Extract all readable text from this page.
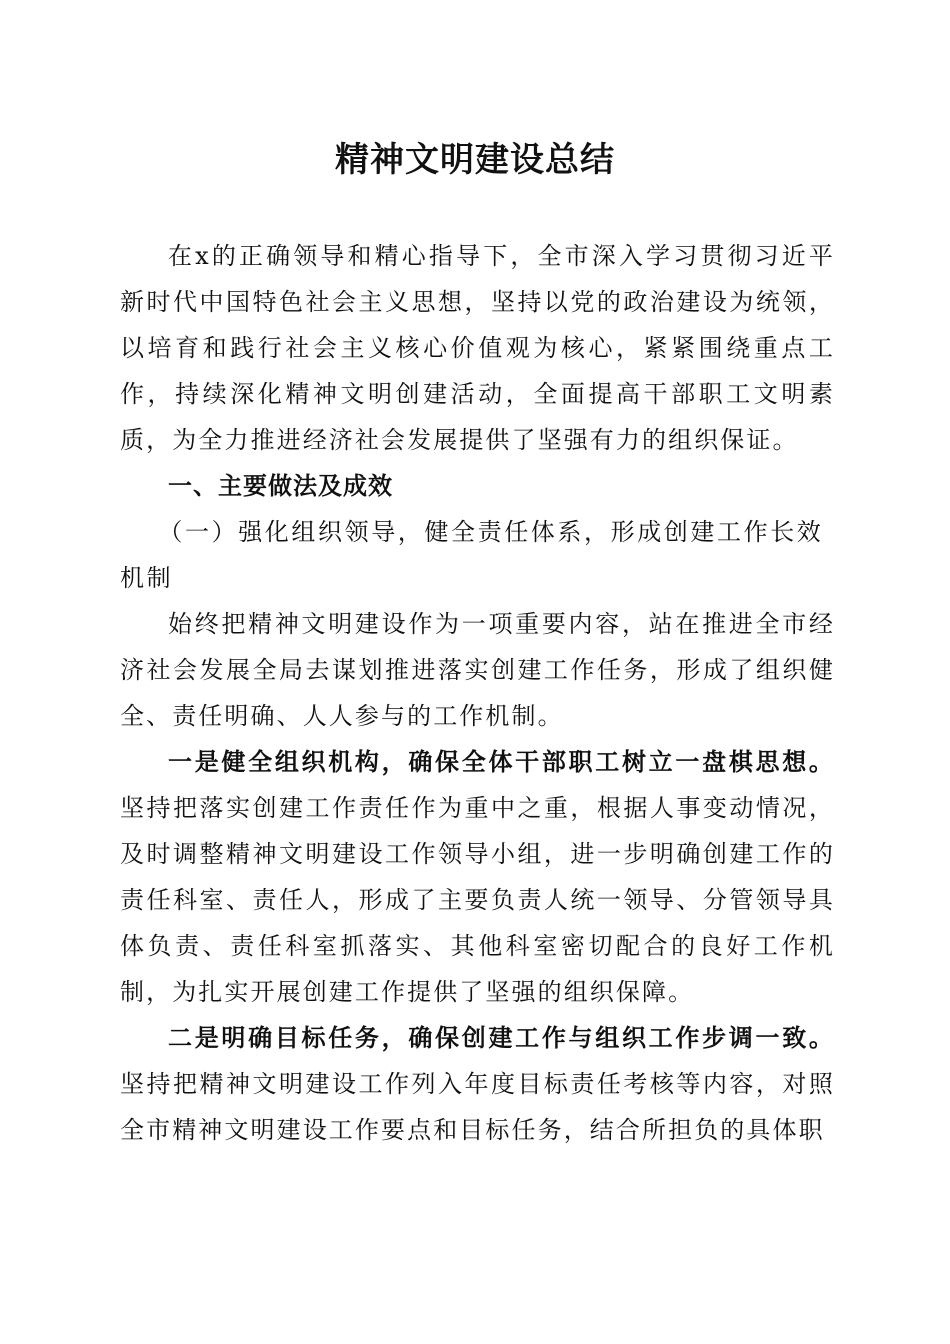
精神文明建设总结

在x的正确领导和精心指导下，全市深入学习贯彻习近平新时代中国特色社会主义思想，坚持以党的政治建设为统领，以培育和践行社会主义核心价值观为核心，紧紧围绕重点工作，持续深化精神文明创建活动，全面提高干部职工文明素质，为全力推进经济社会发展提供了坚强有力的组织保证。

一、主要做法及成效

（一）强化组织领导，健全责任体系，形成创建工作长效机制

始终把精神文明建设作为一项重要内容，站在推进全市经济社会发展全局去谋划推进落实创建工作任务，形成了组织健全、责任明确、人人参与的工作机制。

一是健全组织机构，确保全体干部职工树立一盘棋思想。坚持把落实创建工作责任作为重中之重，根据人事变动情况，及时调整精神文明建设工作领导小组，进一步明确创建工作的责任科室、责任人，形成了主要负责人统一领导、分管领导具体负责、责任科室抓落实、其他科室密切配合的良好工作机制，为扎实开展创建工作提供了坚强的组织保障。

二是明确目标任务，确保创建工作与组织工作步调一致。坚持把精神文明建设工作列入年度目标责任考核等内容，对照全市精神文明建设工作要点和目标任务，结合所担负的具体职
